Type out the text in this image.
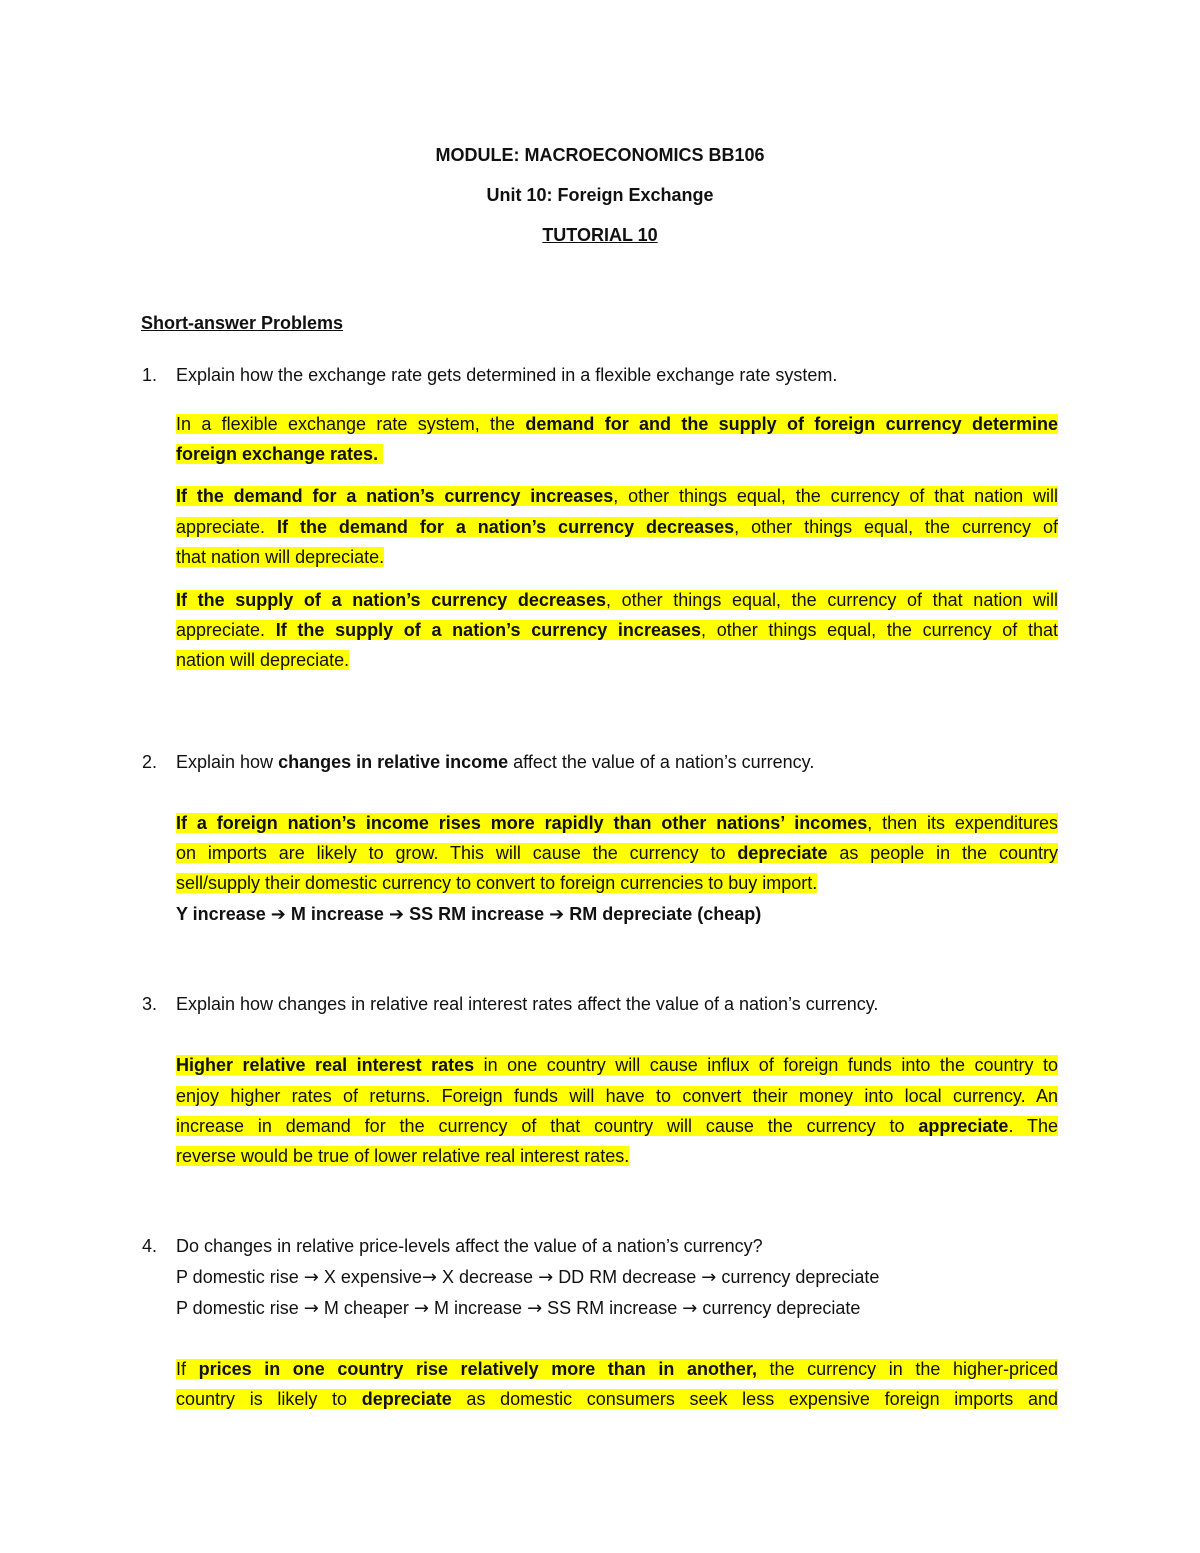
MODULE: MACROECONOMICS BB106
Unit 10: Foreign Exchange
TUTORIAL 10
Short-answer Problems
1. Explain how the exchange rate gets determined in a flexible exchange rate system.
In a flexible exchange rate system, the demand for and the supply of foreign currency determine
foreign exchange rates.
If the demand for a nation’s currency increases, other things equal, the currency of that nation will
appreciate. If the demand for a nation’s currency decreases, other things equal, the currency of
that nation will depreciate.
If the supply of a nation’s currency decreases, other things equal, the currency of that nation will
appreciate. If the supply of a nation’s currency increases, other things equal, the currency of that
nation will depreciate.
2. Explain how changes in relative income affect the value of a nation’s currency.
If a foreign nation’s income rises more rapidly than other nations’ incomes, then its expenditures
on imports are likely to grow. This will cause the currency to depreciate as people in the country
sell/supply their domestic currency to convert to foreign currencies to buy import.
Y increase ➔ M increase ➔ SS RM increase ➔ RM depreciate (cheap)
3. Explain how changes in relative real interest rates affect the value of a nation’s currency.
Higher relative real interest rates in one country will cause influx of foreign funds into the country to
enjoy higher rates of returns. Foreign funds will have to convert their money into local currency. An
increase in demand for the currency of that country will cause the currency to appreciate. The
reverse would be true of lower relative real interest rates.
4. Do changes in relative price-levels affect the value of a nation’s currency?
P domestic rise → X expensive→ X decrease → DD RM decrease → currency depreciate
P domestic rise → M cheaper → M increase → SS RM increase → currency depreciate
If prices in one country rise relatively more than in another, the currency in the higher-priced
country is likely to depreciate as domestic consumers seek less expensive foreign imports and
